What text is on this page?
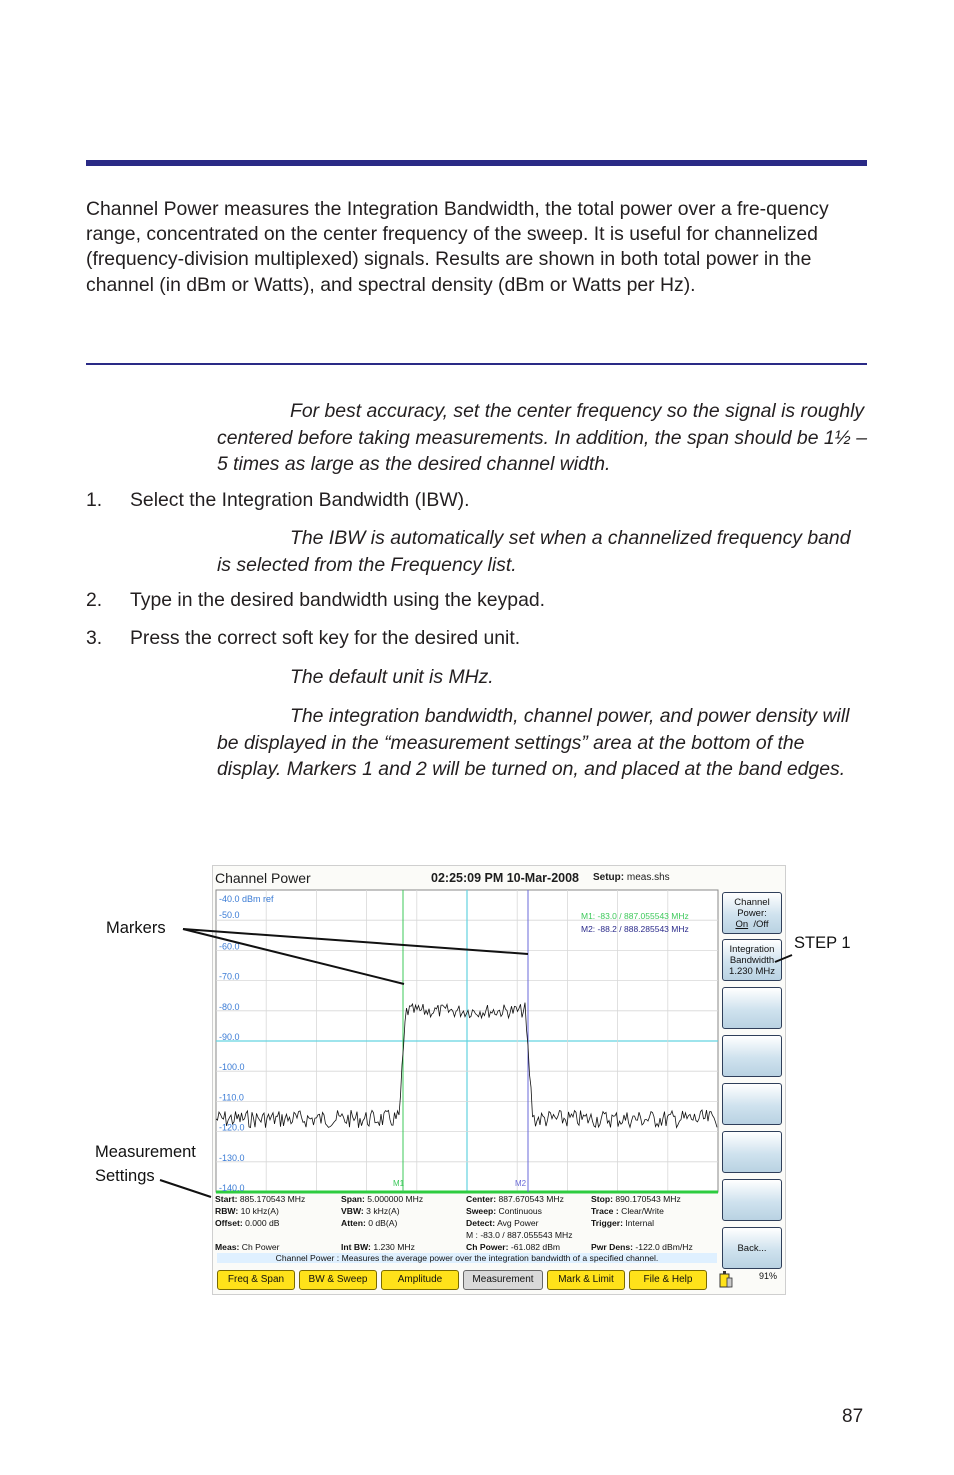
Channel Power measures the Integration Bandwidth, the total power over a fre-quency range, concentrated on the center frequency of the sweep. It is useful for channelized (frequency-division multiplexed) signals. Results are shown in both total power in the channel (in dBm or Watts), and spectral density (dBm or Watts per Hz).

For best accuracy, set the center frequency so the signal is roughly centered before taking measurements. In addition, the span should be 1½ – 5 times as large as the desired channel width.

1. Select the Integration Bandwidth (IBW).

The IBW is automatically set when a channelized frequency band is selected from the Frequency list.

2. Type in the desired bandwidth using the keypad.
3. Press the correct soft key for the desired unit.

The default unit is MHz.

The integration bandwidth, channel power, and power density will be displayed in the “measurement settings” area at the bottom of the display. Markers 1 and 2 will be turned on, and placed at the band edges.

Markers
STEP 1
Measurement
Settings
Channel Power	02:25:09 PM 10-Mar-2008 Setup: meas.shs
-40.0 dBm ref
-50.0
-60.0
-70.0
-80.0
-90.0
-100.0
-110.0
-120.0
-130.0
-140.0
M1: -83.0 / 887.055543 MHz
M2: -88.2 / 888.285543 MHz
M1	M2
Channel
Power:
On /Off
Integration
Bandwidth
1.230 MHz
Back...
Start: 885.170543 MHz	Span: 5.000000 MHz	Center: 887.670543 MHz	Stop: 890.170543 MHz
RBW: 10 kHz(A)	VBW: 3 kHz(A)	Sweep: Continuous	Trace : Clear/Write
Offset: 0.000 dB	Atten: 0 dB(A)	Detect: Avg Power	Trigger: Internal
M : -83.0 / 887.055543 MHz
Meas: Ch Power	Int BW: 1.230 MHz	Ch Power: -61.082 dBm	Pwr Dens: -122.0 dBm/Hz
Channel Power : Measures the average power over the integration bandwidth of a specified channel.
Freq & Span	BW & Sweep	Amplitude	Measurement	Mark & Limit	File & Help	91%
87
